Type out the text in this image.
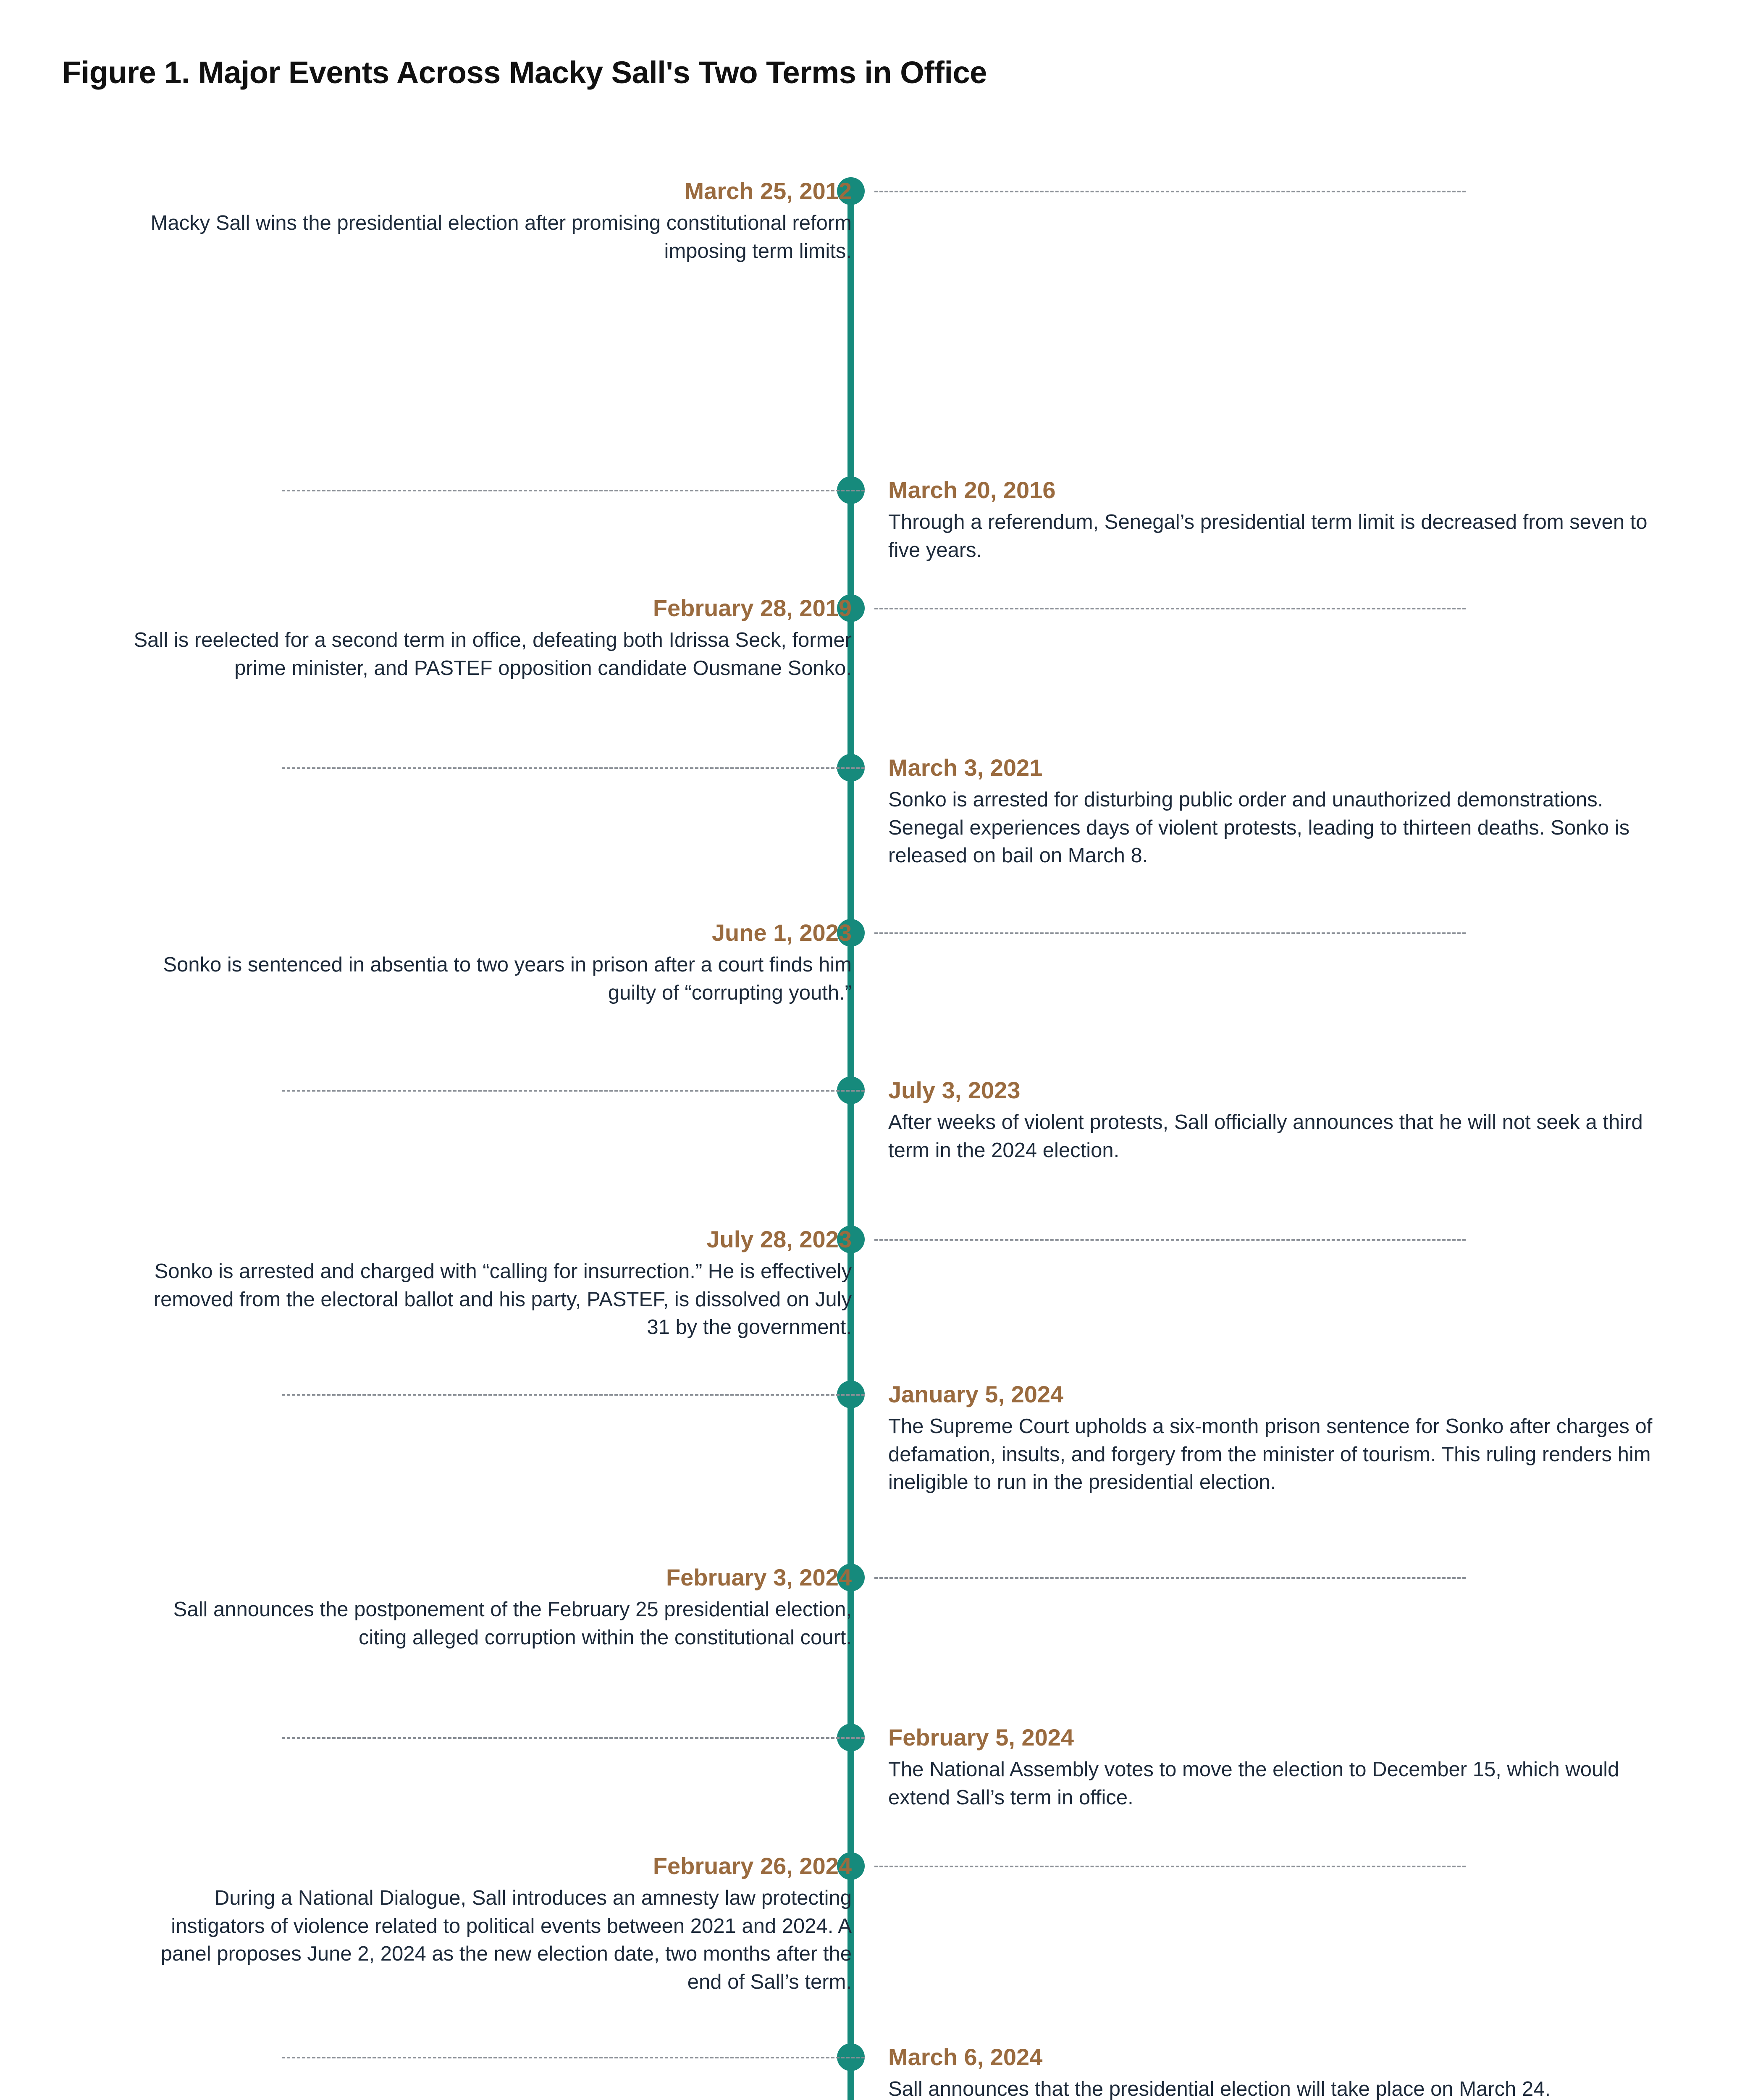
Figure 1. Major Events Across Macky Sall's Two Terms in Office
March 25, 2012
Macky Sall wins the presidential election after promising constitutional reform imposing term limits.
March 20, 2016
Through a referendum, Senegal’s presidential term limit is decreased from seven to five years.
February 28, 2019
Sall is reelected for a second term in office, defeating both Idrissa Seck, former prime minister, and PASTEF opposition candidate Ousmane Sonko.
March 3, 2021
Sonko is arrested for disturbing public order and unauthorized demonstrations. Senegal experiences days of violent protests, leading to thirteen deaths. Sonko is released on bail on March 8.
June 1, 2023
Sonko is sentenced in absentia to two years in prison after a court finds him guilty of “corrupting youth.”
July 3, 2023
After weeks of violent protests, Sall officially announces that he will not seek a third term in the 2024 election.
July 28, 2023
Sonko is arrested and charged with “calling for insurrection.” He is effectively removed from the electoral ballot and his party, PASTEF, is dissolved on July 31 by the government.
January 5, 2024
The Supreme Court upholds a six-month prison sentence for Sonko after charges of defamation, insults, and forgery from the minister of tourism. This ruling renders him ineligible to run in the presidential election.
February 3, 2024
Sall announces the postponement of the February 25 presidential election, citing alleged corruption within the constitutional court.
February 5, 2024
The National Assembly votes to move the election to December 15, which would extend Sall’s term in office.
February 26, 2024
During a National Dialogue, Sall introduces an amnesty law protecting instigators of violence related to political events between 2021 and 2024. A panel proposes June 2, 2024 as the new election date, two months after the end of Sall’s term.
March 6, 2024
Sall announces that the presidential election will take place on March 24.
